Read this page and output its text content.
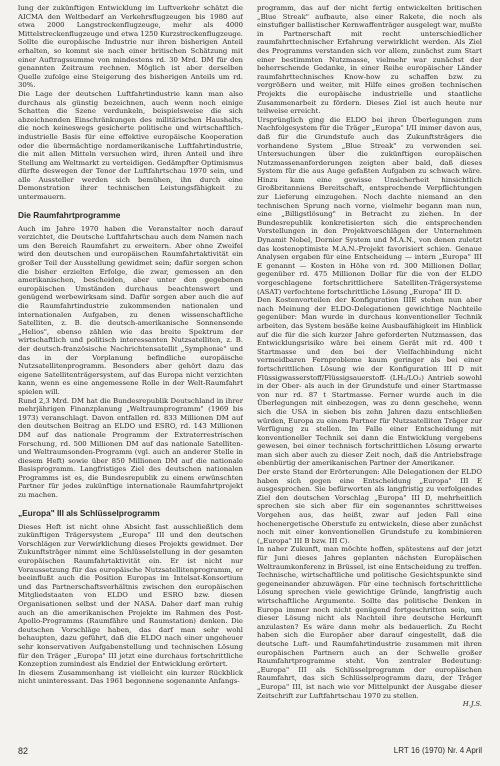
lung der zukünftigen Entwicklung im Luftverkehr schätzt die AICMA den Weltbedarf an Verkehrsflugzeugen bis 1980 auf etwa 2000 Langstreckenflugzeuge, mehr als 4000 Mittelstreckenflugzeuge und etwa 1250 Kurzstreckenflugzeuge. Sollte die europäische Industrie nur ihren bisherigen Anteil erhalten, so kommt sie nach einer britischen Schätzung mit einer Auftragssumme von mindestens rd. 30 Mrd. DM für den genannten Zeitraum rechnen. Möglich ist aber derselben Quelle zufolge eine Steigerung des bisherigen Anteils um rd. 30%.

Die Lage der deutschen Luftfahrtindustrie kann man also durchaus als günstig bezeichnen, auch wenn noch einige Schatten die Szene verdunkeln, beispielsweise die sich abzeichnenden Einschränkungen des militärischen Haushalts, die noch keineswegs gesicherte politische und wirtschaftlich-industrielle Basis für eine effektive europäische Kooperation oder die übermächtige nordamerikanische Luftfahrtindustrie, die mit allen Mitteln versuchen wird, ihren Anteil und ihre Stellung am Weltmarkt zu verteidigen. Gedämpfter Optimismus dürfte deswegen der Tenor der Luftfahrtschau 1970 sein, und alle Aussteller werden sich bemühen, ihn durch eine Demonstration ihrer technischen Leistungsfähigkeit zu untermauern.

Die Raumfahrtprogramme

Auch im Jahre 1970 haben die Veranstalter noch darauf verzichtet, die Deutsche Luftfahrtschau auch dem Namen nach um den Bereich Raumfahrt zu erweitern. Aber ohne Zweifel wird den deutschen und europäischen Raumfahrtaktivität ein großer Teil der Ausstellung gewidmet sein; dafür sorgen schon die bisher erzielten Erfolge, die zwar, gemessen an den amerikanischen, bescheiden, aber unter den gegebenen europäischen Umständen durchaus beachtenswert und genügend werbewirksam sind. Dafür sorgen aber auch die auf die Raumfahrtindustrie zukommenden nationalen und internationalen Aufgaben, zu denen wissenschaftliche Satelliten, z. B. die deutsch-amerikanische Sonnensonde „Helios", ebenso zählen wie das breite Spektrum der wirtschaftlich und politisch interessanten Nutzsatelliten, z. B. der deutsch-französische Nachrichtensatellit „Symphonie" und das in der Vorplanung befindliche europäische Nutzsatellitenprogramm. Besonders aber gehört dazu das eigene Satellitenträgersystem, auf das Europa nicht verzichten kann, wenn es eine angemessene Rolle in der Welt-Raumfahrt spielen will.

Rund 2,3 Mrd. DM hat die Bundesrepublik Deutschland in ihrer mehrjährigen Finanzplanung „Weltraumprogramm" (1969 bis 1973) veranschlagt. Davon entfallen rd. 833 Millionen DM auf den deutschen Beitrag an ELDO und ESRO, rd. 143 Millionen DM auf das nationale Programm der Extraterrestrischen Forschung, rd. 500 Millionen DM auf das nationale Satelliten- und Weltraumsonden-Programm (vgl. auch an anderer Stelle in diesem Heft) sowie über 850 Millionen DM auf die nationale Basisprogramm. Langfristiges Ziel des deutschen nationalen Programms ist es, die Bundesrepublik zu einem erwünschten Partner für jedes zukünftige internationale Raumfahrtprojekt zu machen.

„Europa" III als Schlüsselprogramm

Dieses Heft ist nicht ohne Absicht fast ausschließlich dem zukünftigen Trägersystem „Europa" III und den deutschen Vorschlägen zur Verwirklichung dieses Projekts gewidmet. Der Zukunftsträger nimmt eine Schlüsselstellung in der gesamten europäischen Raumfahrtaktivität ein. Er ist nicht nur Voraussetzung für das europäische Nutzsatellitenprogramm, er beeinflußt auch die Position Europas im Intelsat-Konsortium und das Partnerschaftsverhältnis zwischen den europäischen Mitgliedstaaten von ELDO und ESRO bzw. diesen Organisationen selbst und der NASA. Daher darf man ruhig auch an die amerikanischen Projekte im Rahmen des Post-Apollo-Programms (Raumfähre und Raumstation) denken. Die deutschen Vorschläge haben, das darf man sehr wohl behaupten, dazu geführt, daß die ELDO nach einer ungeheuer sehr konservativen Aufgabenstellung und technischen Lösung für den Träger „Europa" III jetzt eine durchaus fortschrittliche Konzeption zumindest als Endziel der Entwicklung erörtert.

In diesem Zusammenhang ist vielleicht ein kurzer Rückblick nicht uninteressant. Das 1961 begonnene sogenannte Anfangs-

programm, das auf der nicht fertig entwickelten britischen „Blue Streak" aufbaute, also einer Rakete, die noch als einstufiger ballistischer Kernwaffenträger ausgelegt war, mußte in Partnerschaft mit recht unterschiedlicher raumfahrttechnischer Erfahrung verwirklicht werden. Als Ziel des Programms verstanden sich vor allem, zunächst zum Start einer bestimmten Nutzmasse, vielmehr war zunächst der beherrschende Gedanke, in einer Reihe europäischer Länder raumfahrttechnisches Know-how zu schaffen bzw. zu vergrößern und weiter, mit Hilfe eines großen technischen Projekts die europäische industrielle und staatliche Zusammenarbeit zu fördern. Dieses Ziel ist auch heute nur teilweise erreicht.

Ursprünglich ging die ELDO bei ihren Überlegungen zum Nachfolgesystem für die Träger „Europa" I/II immer davon aus, daß für die Grundstufe auch das Zukunftsträgers die vorhandene System „Blue Streak" zu verwenden sei. Untersuchungen über die zukünftigen europäischen Nutzmassenanforderungen zeigten aber bald, daß dieses System für die aus Auge gefaßten Aufgaben zu schwach wäre. Hinzu kam eine gewisse Unsicherheit hinsichtlich Großbritanniens Bereitschaft, entsprechende Verpflichtungen zur Lieferung einzugehen. Noch dachte niemand an den technischen Sprung nach vorne, vielmehr begann man nun, eine „Billigstlösung" in Betracht zu ziehen. In der Bundesrepublik konkretisierten sich die entsprechenden Vorstellungen in den Projektvorschlägen der Unternehmen Dynamit Nobel, Dornier System und M.A.N., von denen zuletzt das kostenoptimiste M.A.N.-Projekt favorisiert schien. Genaue Analysen ergaben für eine Entscheidung — intern „Europa" III E genannt — Kosten in Höhe von rd. 300 Millionen Dollar, gegenüber rd. 475 Millionen Dollar für die von der ELDO vorgeschlagene fortschrittlichere Satelliten-Trägersysteme (ASAT) verfochtene fortschrittliche Lösung „Europa" III D.

Den Kostenvorteilen der Konfiguration IIIE stehen nun aber nach Meinung der ELDO-Delegationen gewichtige Nachteile gegenüber: Man wurde in durchaus konventioneller Technik arbeiten, das System besäße keine Ausbaufähigkeit im Hinblick auf die für die sich kurzer Jahre geforderten Nutzmassen, das Entwicklungsrisiko wäre bei einem Gerät mit rd. 400 t Startmasse und den bei der Vielfachbindung nicht vermeidbaren Fernprobleme kaum geringer als bei einer fortschrittlichen Lösung wie der Konfiguration III D mit Flüssigwasserstoff/Flüssigsauerstoff- (LH₂/LO₂) Antrieb sowohl in der Ober- als auch in der Grundstufe und einer Startmasse von nur rd. 87 t Startmasse. Ferner wurde auch in die Überlegungen mit einbezogen, was zu denn geschehe, wenn sich die USA in sieben bis zehn Jahren dazu entschließen würden, Europa zu einem Partner für Nutzsatelliten Träger zur Verfügung zu stellen. Im Falle einer Entscheidung mit konventioneller Technik sei dann die Entwicklung vergebens gewesen, bei einer technisch fortschrittlichen Lösung erwarte man sich aber auch zu dieser Zeit noch, daß die Antriebsfrage ebenbürtig der amerikanischen Partner der Amerikaner.

Der erste Stand der Erörterungen: Alle Delegationen der ELDO haben sich gegen eine Entscheidung „Europa" III E ausgesprochen. Sie befürworten als langfristig zu verfolgendes Ziel den deutschen Vorschlag „Europa" III D, mehrheitlich sprechen sie sich aber für ein sogenanntes schrittweises Vorgehen aus, das heißt, zwar auf jeden Fall eine hochenergetische Oberstufe zu entwickeln, diese aber zunächst noch mit einer konventionellen Grundstufe zu kombinieren („Europa" III B bzw. III C).

In naher Zukunft, man möchte hoffen, spätestens auf der jetzt für Juni dieses Jahres geplanten nächsten Europäischen Weltraumkonferenz in Brüssel, ist eine Entscheidung zu treffen. Technische, wirtschaftliche und politische Gesichtspunkte sind gegeneinander abzuwägen. Für eine technisch fortschrittliche Lösung sprechen viele gewichtige Gründe, langfristig auch wirtschaftliche Argumente. Sollte das politische Denken in Europa immer noch nicht genügend fortgeschritten sein, um dieser Lösung nicht als Nachteil ihre deutsche Herkunft anzulasten? Es wäre dann mehr als bedauerlich. Zu Recht haben sich die Europäer aber darauf eingestellt, daß die deutsche Luft- und Raumfahrtindustrie zusammen mit ihren europäischen Partnern auch an der Schwelle großer Raumfahrtprogramme steht. Von zentraler Bedeutung: „Europa" III als Schlüsselprogramm der europäischen Raumfahrt, das sich Schlüsselprogramm dazu, der Träger „Europa" III, ist nach wie vor Mittelpunkt der Ausgabe dieser Zeitschrift zur Luftfahrtschau 1970 zu stellen.

H.J.S.

82	LRT 16 (1970) Nr. 4 April
